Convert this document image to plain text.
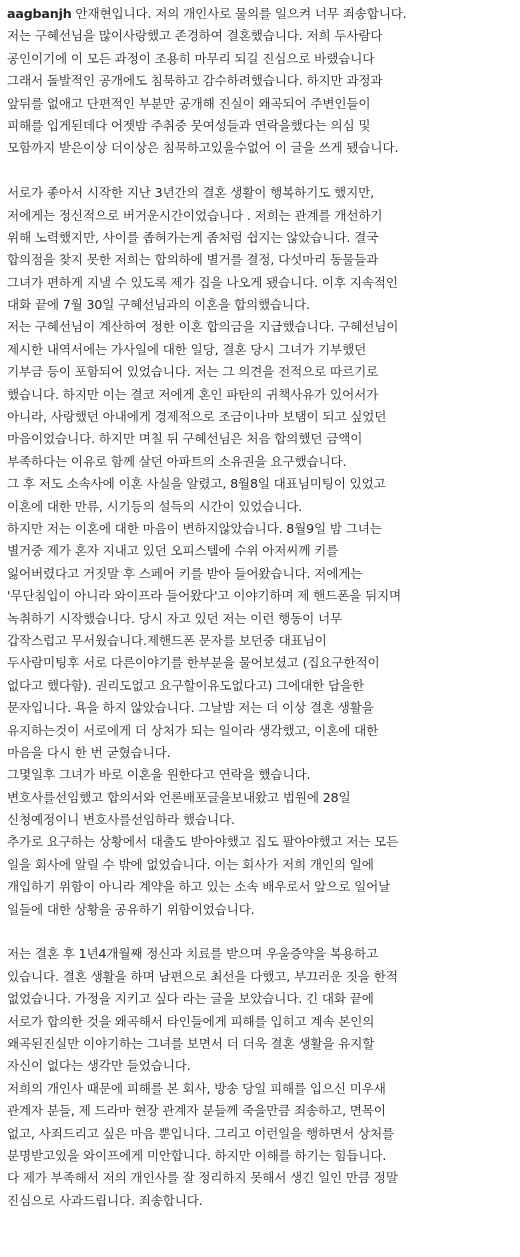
aagbanjh 안재현입니다. 저의 개인사로 물의를 일으켜 너무 죄송합니다.
저는 구혜선님을 많이사랑했고 존경하여 결혼했습니다. 저희 두사람다
공인이기에 이 모든 과정이 조용히 마무리 되길 진심으로 바랬습니다
그래서 돌발적인 공개에도 침묵하고 감수하려했습니다. 하지만 과정과
앞뒤를 없애고 단편적인 부분만 공개해 진실이 왜곡되어 주변인들이
피해를 입게된데다 어젯밤 주취중 뭇여성들과 연락을했다는 의심 및
모함까지 받은이상 더이상은 침묵하고있을수없어 이 글을 쓰게 됐습니다.
서로가 좋아서 시작한 지난 3년간의 결혼 생활이 행복하기도 했지만,
저에게는 정신적으로 버거운시간이었습니다 . 저희는 관계를 개선하기
위해 노력했지만, 사이를 좁혀가는게 좀처럼 쉽지는 않았습니다. 결국
합의점을 찾지 못한 저희는 합의하에 별거를 결정, 다섯마리 동물들과
그녀가 편하게 지낼 수 있도록 제가 집을 나오게 됐습니다. 이후 지속적인
대화 끝에 7월 30일 구혜선님과의 이혼을 합의했습니다.
저는 구혜선님이 계산하여 정한 이혼 합의금을 지급했습니다. 구혜선님이
제시한 내역서에는 가사일에 대한 일당, 결혼 당시 그녀가 기부했던
기부금 등이 포함되어 있었습니다. 저는 그 의견을 전적으로 따르기로
했습니다. 하지만 이는 결코 저에게 혼인 파탄의 귀책사유가 있어서가
아니라, 사랑했던 아내에게 경제적으로 조금이나마 보탬이 되고 싶었던
마음이었습니다. 하지만 며칠 뒤 구혜선님은 처음 합의했던 금액이
부족하다는 이유로 함께 살던 아파트의 소유권을 요구했습니다.
그 후 저도 소속사에 이혼 사실을 알렸고, 8월8일 대표님미팅이 있었고
이혼에 대한 만류, 시기등의 설득의 시간이 있었습니다.
하지만 저는 이혼에 대한 마음이 변하지않았습니다. 8월9일 밤 그녀는
별거중 제가 혼자 지내고 있던 오피스텔에 수위 아저씨께 키를
잃어버렸다고 거짓말 후 스페어 키를 받아 들어왔습니다. 저에게는
'무단침입이 아니라 와이프라 들어왔다'고 이야기하며 제 핸드폰을 뒤지며
녹취하기 시작했습니다. 당시 자고 있던 저는 이런 행동이 너무
갑작스럽고 무서웠습니다.제핸드폰 문자를 보던중 대표님이
두사람미팅후 서로 다른이야기를 한부분을 물어보셨고 (집요구한적이
없다고 했다함). 권리도없고 요구할이유도없다고) 그에대한 답을한
문자입니다. 욕을 하지 않았습니다. 그날밤 저는 더 이상 결혼 생활을
유지하는것이 서로에게 더 상처가 되는 일이라 생각했고, 이혼에 대한
마음을 다시 한 번 굳혔습니다.
그몇일후 그녀가 바로 이혼을 원한다고 연락을 했습니다.
변호사를선임했고 합의서와 언론배포글을보내왔고 법원에 28일
신청예정이니 변호사를선임하라 했습니다.
추가로 요구하는 상황에서 대출도 받아야했고 집도 팔아야했고 저는 모든
일을 회사에 알릴 수 밖에 없었습니다. 이는 회사가 저희 개인의 일에
개입하기 위함이 아니라 계약을 하고 있는 소속 배우로서 앞으로 일어날
일들에 대한 상황을 공유하기 위함이었습니다.
저는 결혼 후 1년4개월째 정신과 치료를 받으며 우울증약을 복용하고
있습니다. 결혼 생활을 하며 남편으로 최선을 다했고, 부끄러운 짓을 한적
없었습니다. 가정을 지키고 싶다 라는 글을 보았습니다. 긴 대화 끝에
서로가 합의한 것을 왜곡해서 타인들에게 피해를 입히고 계속 본인의
왜곡된진실만 이야기하는 그녀를 보면서 더 더욱 결혼 생활을 유지할
자신이 없다는 생각만 들었습니다.
저희의 개인사 때문에 피해를 본 회사, 방송 당일 피해를 입으신 미우새
관계자 분들, 제 드라마 현장 관계자 분들께 죽을만큼 죄송하고, 면목이
없고, 사죄드리고 싶은 마음 뿐입니다. 그리고 이런일을 행하면서 상처를
분명받고있을 와이프에게 미안합니다. 하지만 이해를 하기는 힘듭니다.
다 제가 부족해서 저의 개인사를 잘 정리하지 못해서 생긴 일인 만큼 정말
진심으로 사과드립니다. 죄송합니다.
